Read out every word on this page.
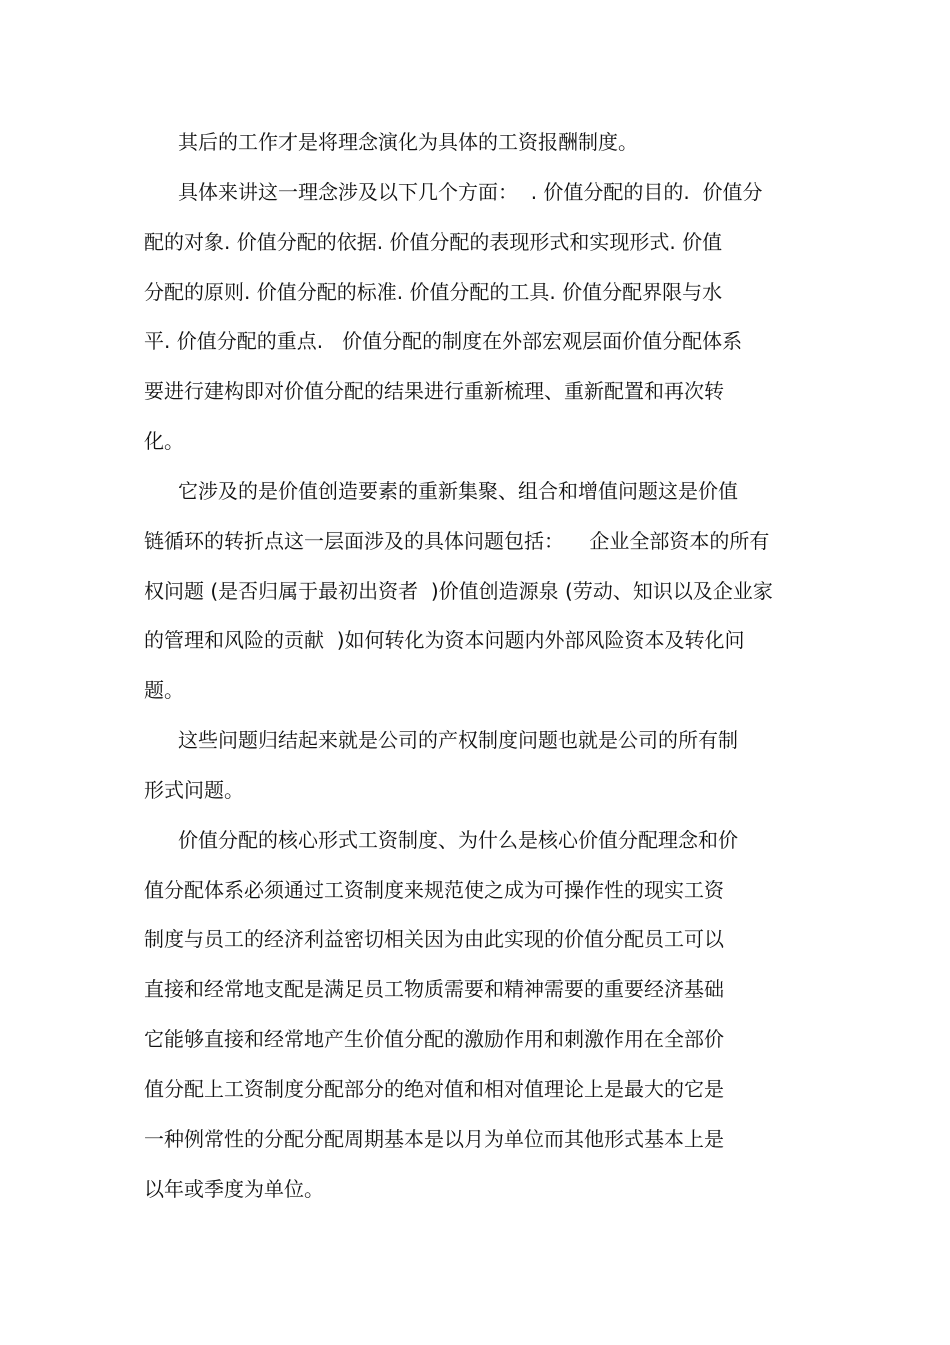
其后的工作才是将理念演化为具体的工资报酬制度。
具体来讲这一理念涉及以下几个方面：  . 价值分配的目的.  价值分
配的对象. 价值分配的依据. 价值分配的表现形式和实现形式. 价值
分配的原则. 价值分配的标准. 价值分配的工具. 价值分配界限与水
平. 价值分配的重点.   价值分配的制度在外部宏观层面价值分配体系
要进行建构即对价值分配的结果进行重新梳理、重新配置和再次转
化。
它涉及的是价值创造要素的重新集聚、组合和增值问题这是价值
链循环的转折点这一层面涉及的具体问题包括：    企业全部资本的所有
权问题 (是否归属于最初出资者  )价值创造源泉 (劳动、知识以及企业家
的管理和风险的贡献  )如何转化为资本问题内外部风险资本及转化问
题。
这些问题归结起来就是公司的产权制度问题也就是公司的所有制
形式问题。
价值分配的核心形式工资制度、为什么是核心价值分配理念和价
值分配体系必须通过工资制度来规范使之成为可操作性的现实工资
制度与员工的经济利益密切相关因为由此实现的价值分配员工可以
直接和经常地支配是满足员工物质需要和精神需要的重要经济基础
它能够直接和经常地产生价值分配的激励作用和刺激作用在全部价
值分配上工资制度分配部分的绝对值和相对值理论上是最大的它是
一种例常性的分配分配周期基本是以月为单位而其他形式基本上是
以年或季度为单位。
